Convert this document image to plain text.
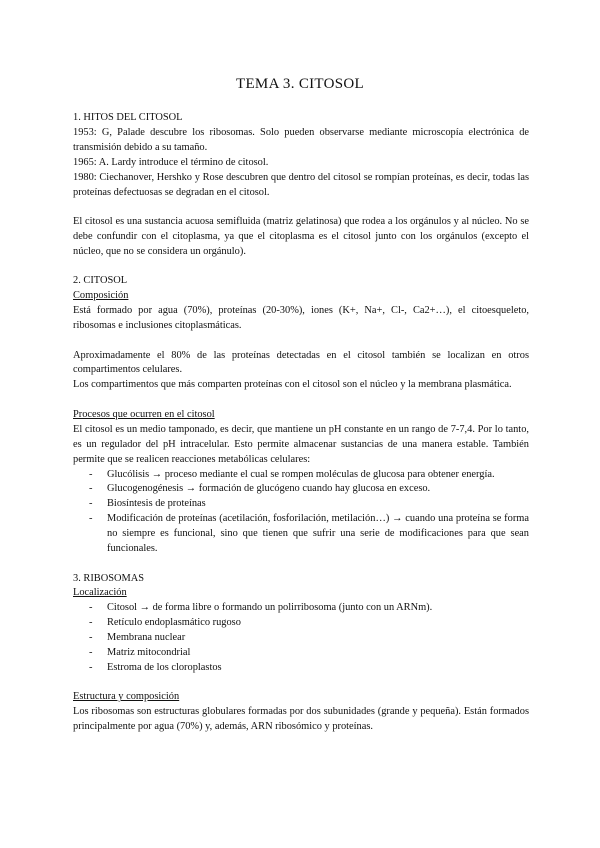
TEMA 3. CITOSOL

1. HITOS DEL CITOSOL

1953: G, Palade descubre los ribosomas. Solo pueden observarse mediante microscopía electrónica de transmisión debido a su tamaño.

1965: A. Lardy introduce el término de citosol.

1980: Ciechanover, Hershko y Rose descubren que dentro del citosol se rompían proteínas, es decir, todas las proteínas defectuosas se degradan en el citosol.

El citosol es una sustancia acuosa semifluida (matriz gelatinosa) que rodea a los orgánulos y al núcleo. No se debe confundir con el citoplasma, ya que el citoplasma es el citosol junto con los orgánulos (excepto el núcleo, que no se considera un orgánulo).

2. CITOSOL

Composición

Está formado por agua (70%), proteínas (20-30%), iones (K+, Na+, Cl-, Ca2+…), el citoesqueleto, ribosomas e inclusiones citoplasmáticas.

Aproximadamente el 80% de las proteínas detectadas en el citosol también se localizan en otros compartimentos celulares.

Los compartimentos que más comparten proteínas con el citosol son el núcleo y la membrana plasmática.

Procesos que ocurren en el citosol

El citosol es un medio tamponado, es decir, que mantiene un pH constante en un rango de 7-7,4. Por lo tanto, es un regulador del pH intracelular. Esto permite almacenar sustancias de una manera estable. También permite que se realicen reacciones metabólicas celulares:

- Glucólisis → proceso mediante el cual se rompen moléculas de glucosa para obtener energía.
- Glucogenogénesis → formación de glucógeno cuando hay glucosa en exceso.
- Biosíntesis de proteínas
- Modificación de proteínas (acetilación, fosforilación, metilación…) → cuando una proteína se forma no siempre es funcional, sino que tienen que sufrir una serie de modificaciones para que sean funcionales.

3. RIBOSOMAS

Localización

- Citosol → de forma libre o formando un polirribosoma (junto con un ARNm).
- Retículo endoplasmático rugoso
- Membrana nuclear
- Matriz mitocondrial
- Estroma de los cloroplastos

Estructura y composición

Los ribosomas son estructuras globulares formadas por dos subunidades (grande y pequeña). Están formados principalmente por agua (70%) y, además, ARN ribosómico y proteínas.
